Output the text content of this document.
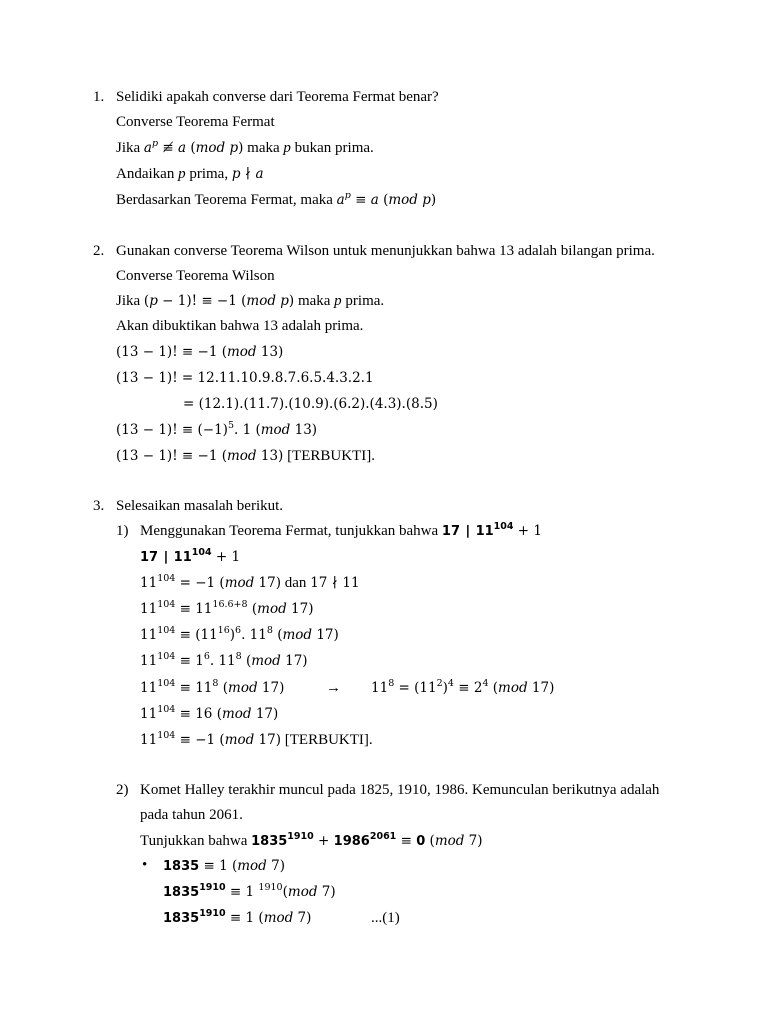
1. Selidiki apakah converse dari Teorema Fermat benar?
Converse Teorema Fermat
Jika $a^p$ ≢ a (mod p) maka p bukan prima.
Andaikan p prima, p ∤ a
Berdasarkan Teorema Fermat, maka $a^p \equiv a$ (mod p)
2. Gunakan converse Teorema Wilson untuk menunjukkan bahwa 13 adalah bilangan prima.
Converse Teorema Wilson
Jika (p − 1)! ≡ −1 (mod p) maka p prima.
Akan dibuktikan bahwa 13 adalah prima.
(13 − 1)! ≡ −1 (mod 13)
(13 − 1)! = 12.11.10.9.8.7.6.5.4.3.2.1
= (12.1).(11.7).(10.9).(6.2).(4.3).(8.5)
(13 − 1)! ≡ $(-1)^5$. 1 (mod 13)
(13 − 1)! ≡ −1 (mod 13) [TERBUKTI].
3. Selesaikan masalah berikut.
1) Menggunakan Teorema Fermat, tunjukkan bahwa 17 ∣ $11^{104} + 1$
17 ∣ $11^{104} + 1$
$11^{104} = -1$ (mod 17) dan 17 ∤ 11
$11^{104} \equiv 11^{16.6+8}$ (mod 17)
$11^{104} \equiv (11^{16})^6$. $11^8$ (mod 17)
$11^{104} \equiv 1^6$. $11^8$ (mod 17)
$11^{104} \equiv 11^8$ (mod 17)	→ $11^8 = (11^2)^4 \equiv 2^4$ (mod 17)
$11^{104} \equiv 16$ (mod 17)
$11^{104} \equiv -1$ (mod 17) [TERBUKTI].
2) Komet Halley terakhir muncul pada 1825, 1910, 1986. Kemunculan berikutnya adalah
pada tahun 2061.
Tunjukkan bahwa $1835^{1910} + 1986^{2061} \equiv 0$ (mod 7)
• 1835 ≡ 1 (mod 7)
$1835^{1910} \equiv 1$ $^{1910}$(mod 7)
$1835^{1910} \equiv 1$ (mod 7)	...(1)
